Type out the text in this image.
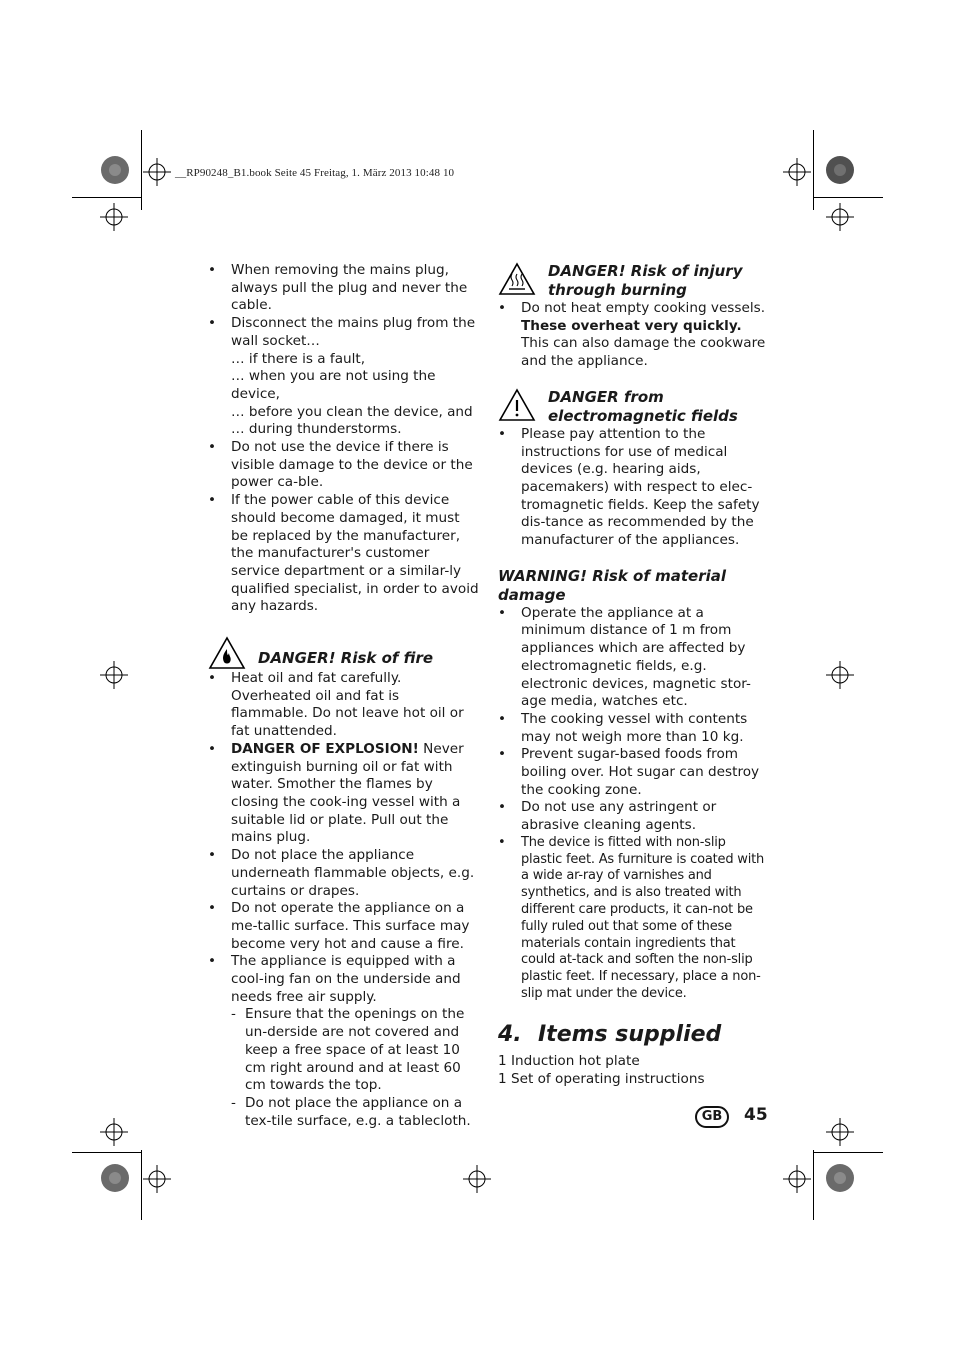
__RP90248_B1.book Seite 45 Freitag, 1. März 2013 10:48 10
• When removing the mains plug, always pull the plug and never the cable.
• Disconnect the mains plug from the wall socket…
… if there is a fault,
… when you are not using the device,
… before you clean the device, and
… during thunderstorms.
• Do not use the device if there is visible damage to the device or the power ca-ble.
• If the power cable of this device should become damaged, it must be replaced by the manufacturer, the manufacturer's customer service department or a similar-ly qualified specialist, in order to avoid any hazards.
DANGER! Risk of fire
• Heat oil and fat carefully. Overheated oil and fat is flammable. Do not leave hot oil or fat unattended.
• DANGER OF EXPLOSION! Never extinguish burning oil or fat with water. Smother the flames by closing the cook-ing vessel with a suitable lid or plate. Pull out the mains plug.
• Do not place the appliance underneath flammable objects, e.g. curtains or drapes.
• Do not operate the appliance on a me-tallic surface. This surface may become very hot and cause a fire.
• The appliance is equipped with a cool-ing fan on the underside and needs free air supply.
- Ensure that the openings on the un-derside are not covered and keep a free space of at least 10 cm right around and at least 60 cm towards the top.
- Do not place the appliance on a tex-tile surface, e.g. a tablecloth.
DANGER! Risk of injury through burning
• Do not heat empty cooking vessels. These overheat very quickly. This can also damage the cookware and the appliance.
DANGER from electromagnetic fields
• Please pay attention to the instructions for use of medical devices (e.g. hearing aids, pacemakers) with respect to elec-tromagnetic fields. Keep the safety dis-tance as recommended by the manufacturer of the appliances.
WARNING! Risk of material damage
• Operate the appliance at a minimum distance of 1 m from appliances which are affected by electromagnetic fields, e.g. electronic devices, magnetic stor-age media, watches etc.
• The cooking vessel with contents may not weigh more than 10 kg.
• Prevent sugar-based foods from boiling over. Hot sugar can destroy the cooking zone.
• Do not use any astringent or abrasive cleaning agents.
• The device is fitted with non-slip plastic feet. As furniture is coated with a wide ar-ray of varnishes and synthetics, and is also treated with different care products, it can-not be fully ruled out that some of these materials contain ingredients that could at-tack and soften the non-slip plastic feet. If necessary, place a non-slip mat under the device.
4. Items supplied
1 Induction hot plate
1 Set of operating instructions
GB	45
